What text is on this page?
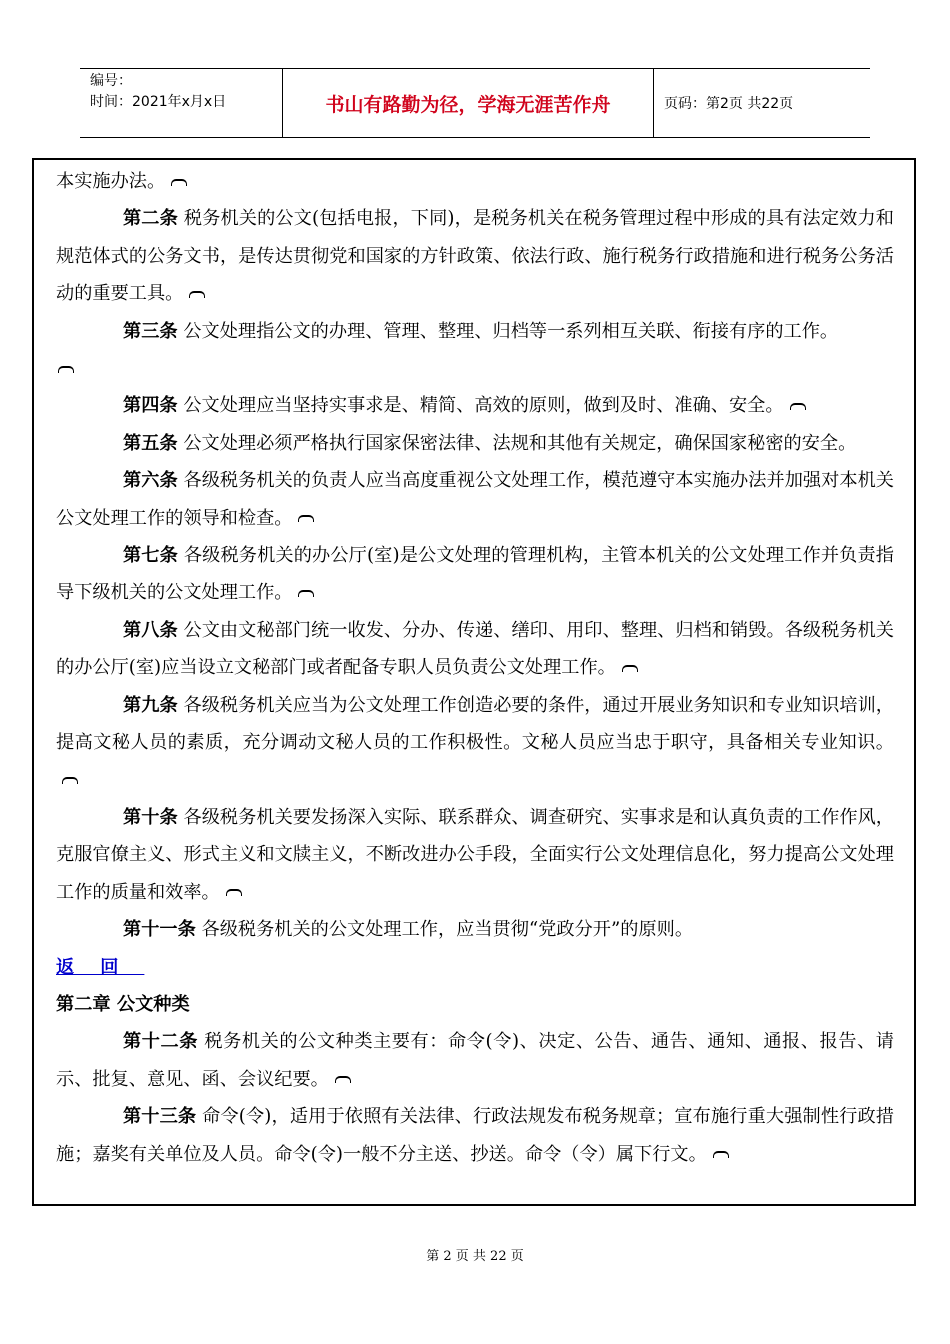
编号：
时间：2021年x月x日	书山有路勤为径，学海无涯苦作舟	页码：第2页 共22页

本实施办法。

第二条 税务机关的公文(包括电报，下同)，是税务机关在税务管理过程中形成的具有法定效力和规范体式的公务文书，是传达贯彻党和国家的方针政策、依法行政、施行税务行政措施和进行税务公务活动的重要工具。

第三条 公文处理指公文的办理、管理、整理、归档等一系列相互关联、衔接有序的工作。

第四条 公文处理应当坚持实事求是、精简、高效的原则，做到及时、准确、安全。

第五条 公文处理必须严格执行国家保密法律、法规和其他有关规定，确保国家秘密的安全。

第六条 各级税务机关的负责人应当高度重视公文处理工作，模范遵守本实施办法并加强对本机关公文处理工作的领导和检查。

第七条 各级税务机关的办公厅(室)是公文处理的管理机构，主管本机关的公文处理工作并负责指导下级机关的公文处理工作。

第八条 公文由文秘部门统一收发、分办、传递、缮印、用印、整理、归档和销毁。各级税务机关的办公厅(室)应当设立文秘部门或者配备专职人员负责公文处理工作。

第九条 各级税务机关应当为公文处理工作创造必要的条件，通过开展业务知识和专业知识培训，提高文秘人员的素质，充分调动文秘人员的工作积极性。文秘人员应当忠于职守，具备相关专业知识。

第十条 各级税务机关要发扬深入实际、联系群众、调查研究、实事求是和认真负责的工作作风，克服官僚主义、形式主义和文牍主义，不断改进办公手段，全面实行公文处理信息化，努力提高公文处理工作的质量和效率。

第十一条 各级税务机关的公文处理工作，应当贯彻“党政分开”的原则。

返回

第二章 公文种类

第十二条 税务机关的公文种类主要有：命令(令)、决定、公告、通告、通知、通报、报告、请示、批复、意见、函、会议纪要。

第十三条 命令(令)，适用于依照有关法律、行政法规发布税务规章；宣布施行重大强制性行政措施；嘉奖有关单位及人员。命令(令)一般不分主送、抄送。命令（令）属下行文。

第 2 页 共 22 页
